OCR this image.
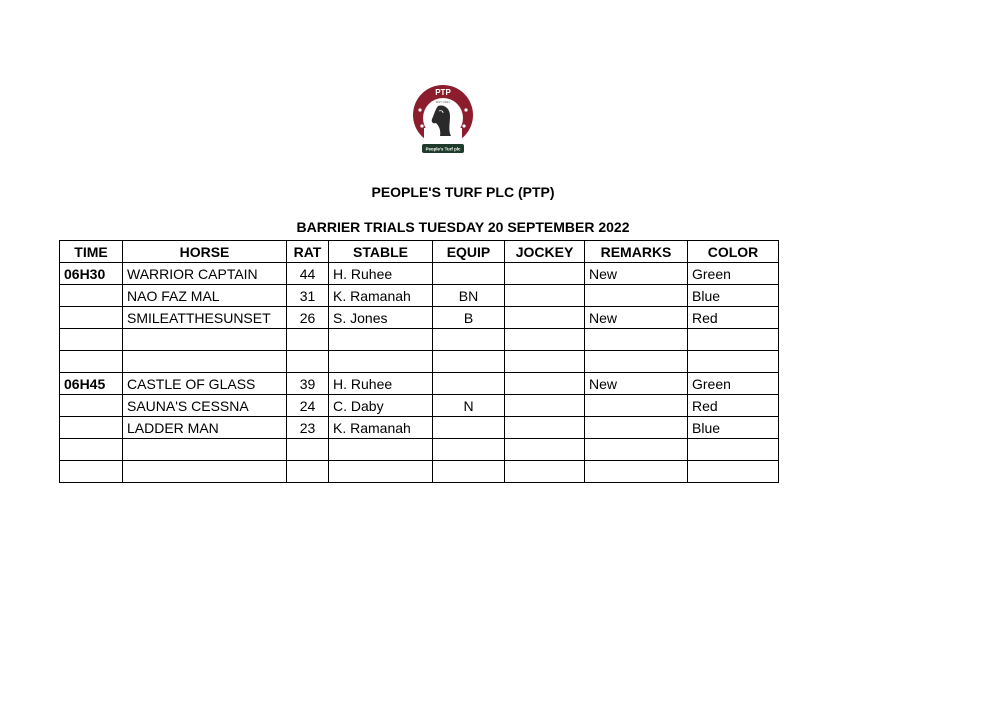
PTP
EST. 2021
People's Turf plc
PEOPLE'S TURF PLC (PTP)
BARRIER TRIALS TUESDAY 20 SEPTEMBER 2022
TIME	HORSE	RAT	STABLE	EQUIP	JOCKEY	REMARKS	COLOR
06H30	WARRIOR CAPTAIN	44	H. Ruhee			New	Green
	NAO FAZ MAL	31	K. Ramanah	BN			Blue
	SMILEATTHESUNSET	26	S. Jones	B		New	Red

06H45	CASTLE OF GLASS	39	H. Ruhee			New	Green
	SAUNA'S CESSNA	24	C. Daby	N			Red
	LADDER MAN	23	K. Ramanah				Blue
